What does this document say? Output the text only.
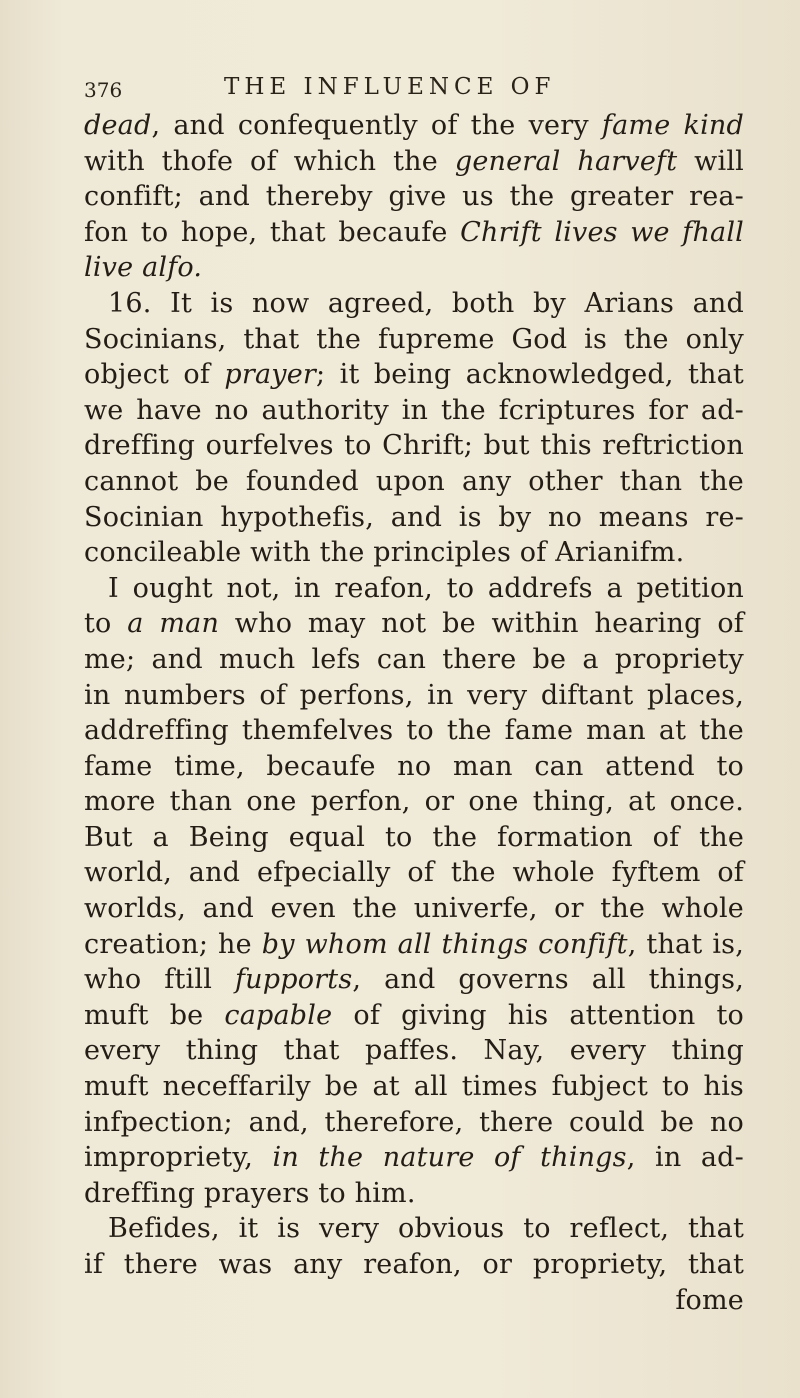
376	THE INFLUENCE OF
dead, and confequently of the very fame kind
with thofe of which the general harveft will
confift; and thereby give us the greater rea-
fon to hope, that becaufe Chrift lives we fhall
live alfo.
16. It is now agreed, both by Arians and
Socinians, that the fupreme God is the only
object of prayer; it being acknowledged, that
we have no authority in the fcriptures for ad-
dreffing ourfelves to Chrift; but this reftriction
cannot be founded upon any other than the
Socinian hypothefis, and is by no means re-
concileable with the principles of Arianifm.
I ought not, in reafon, to addrefs a petition
to a man who may not be within hearing of
me; and much lefs can there be a propriety
in numbers of perfons, in very diftant places,
addreffing themfelves to the fame man at the
fame time, becaufe no man can attend to
more than one perfon, or one thing, at once.
But a Being equal to the formation of the
world, and efpecially of the whole fyftem of
worlds, and even the univerfe, or the whole
creation; he by whom all things confift, that is,
who ftill fupports, and governs all things,
muft be capable of giving his attention to
every thing that paffes. Nay, every thing
muft neceffarily be at all times fubject to his
infpection; and, therefore, there could be no
impropriety, in the nature of things, in ad-
dreffing prayers to him.
Befides, it is very obvious to reflect, that
if there was any reafon, or propriety, that
fome
